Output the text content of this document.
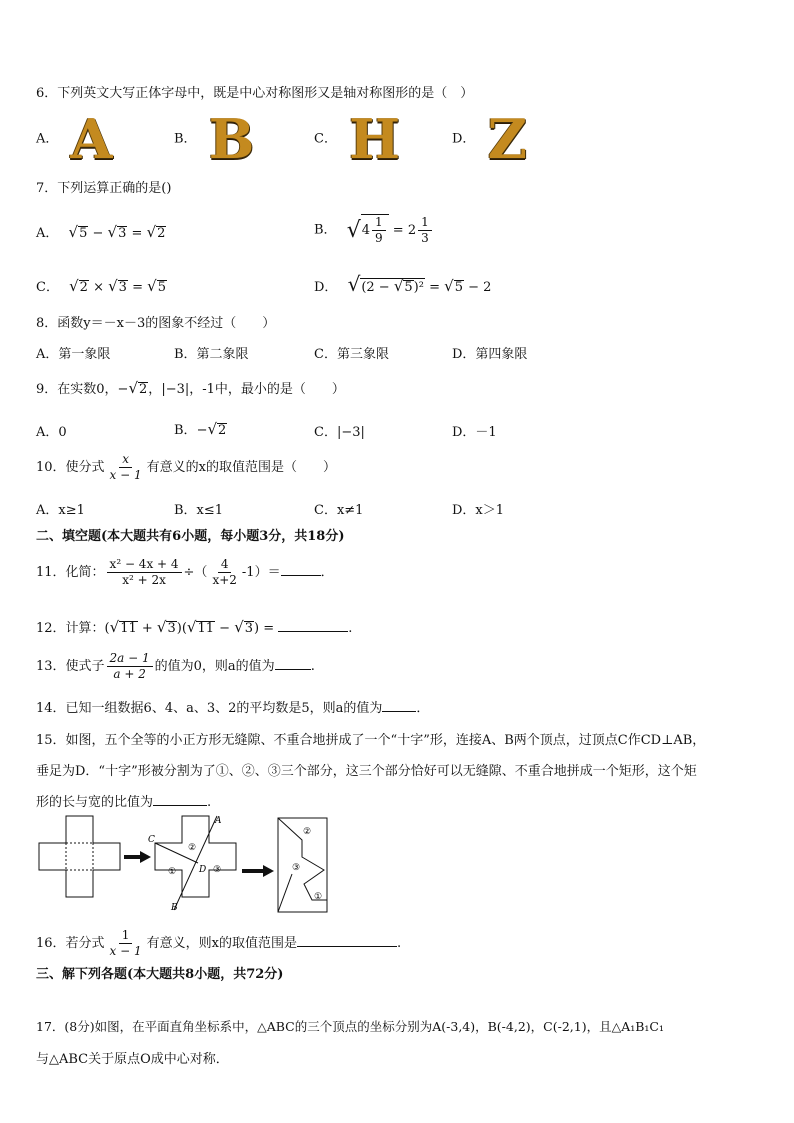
6．下列英文大写正体字母中，既是中心对称图形又是轴对称图形的是（　）
A． A	B． B	C． H	D． Z
7．下列运算正确的是()
A． √5 − √3 = √2	B． $√4 \frac{1}{9} = 2 \frac{1}{3}$
C． √2 × √3 = √5	D． √(2 − √5)² = √5 − 2
8．函数y＝－x－3的图象不经过（　　）
A．第一象限	B．第二象限	C．第三象限	D．第四象限
9．在实数0，−√2，|−3|，-1中，最小的是（　　）
A．0	B．−√2	C．|−3|	D．－1
10．使分式 $\frac{x}{x - 1}$ 有意义的x的取值范围是（　　）
A．x≥1	B．x≤1	C．x≠1	D．x＞1
二、填空题(本大题共有6小题，每小题3分，共18分)
11．化简： $\frac{\text{x² − 4x + 4}}{\text{x² + 2x}}$ ÷（ $\frac{4}{x+2} -1)=$	．
12．计算：(√11 + √3)(√11 − √3) =	.
13．使式子 $\frac{2a - 1}{a + 2}$ 的值为0，则a的值为	.
14．已知一组数据6、4、a、3、2的平均数是5，则a的值为	．
15．如图，五个全等的小正方形无缝隙、不重合地拼成了一个“十字”形，连接A、B两个顶点，过顶点C作CD⊥AB，
垂足为D．“十字”形被分割为了①、②、③三个部分，这三个部分恰好可以无缝隙、不重合地拼成一个矩形，这个矩
形的长与宽的比值为	.
A
B
C
D
②
①	③
②
③
①
16．若分式 $\frac{1}{x - 1}$ 有意义，则x的取值范围是	.
三、解下列各题(本大题共8小题，共72分)
17．(8分)如图，在平面直角坐标系中，△ABC的三个顶点的坐标分别为A(-3,4)，B(-4,2)，C(-2,1)，且△A₁B₁C₁
与△ABC关于原点O成中心对称．
